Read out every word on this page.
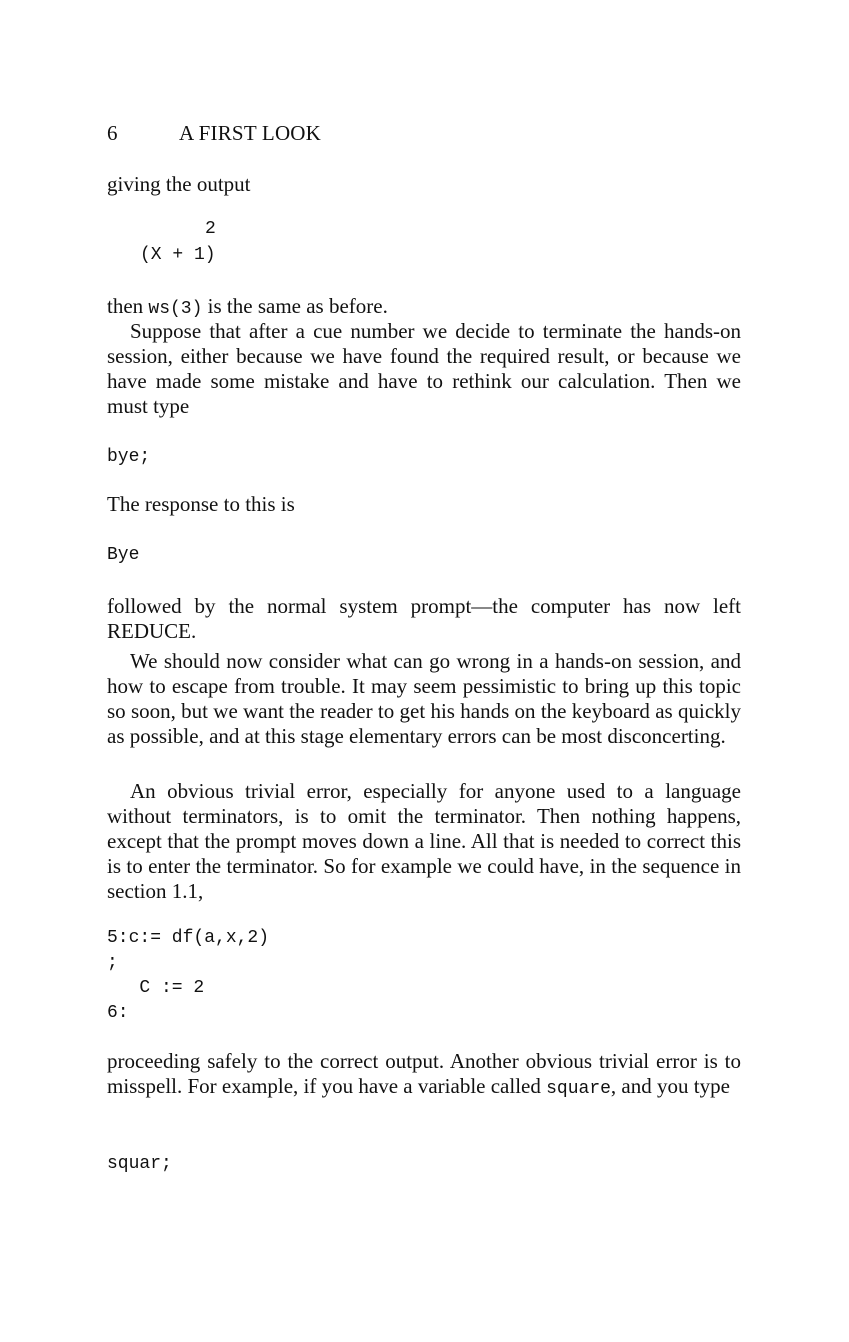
6	A FIRST LOOK

giving the output

2
(X + 1)

then ws(3) is the same as before.

Suppose that after a cue number we decide to terminate the hands-on session, either because we have found the required result, or because we have made some mistake and have to rethink our calculation. Then we must type

bye;

The response to this is

Bye

followed by the normal system prompt—the computer has now left REDUCE.

We should now consider what can go wrong in a hands-on session, and how to escape from trouble. It may seem pessimistic to bring up this topic so soon, but we want the reader to get his hands on the keyboard as quickly as possible, and at this stage elementary errors can be most disconcerting.

An obvious trivial error, especially for anyone used to a language without terminators, is to omit the terminator. Then nothing happens, except that the prompt moves down a line. All that is needed to correct this is to enter the terminator. So for example we could have, in the sequence in section 1.1,

5:c:= df(a,x,2)
;
C := 2
6:

proceeding safely to the correct output. Another obvious trivial error is to misspell. For example, if you have a variable called square, and you type

squar;
